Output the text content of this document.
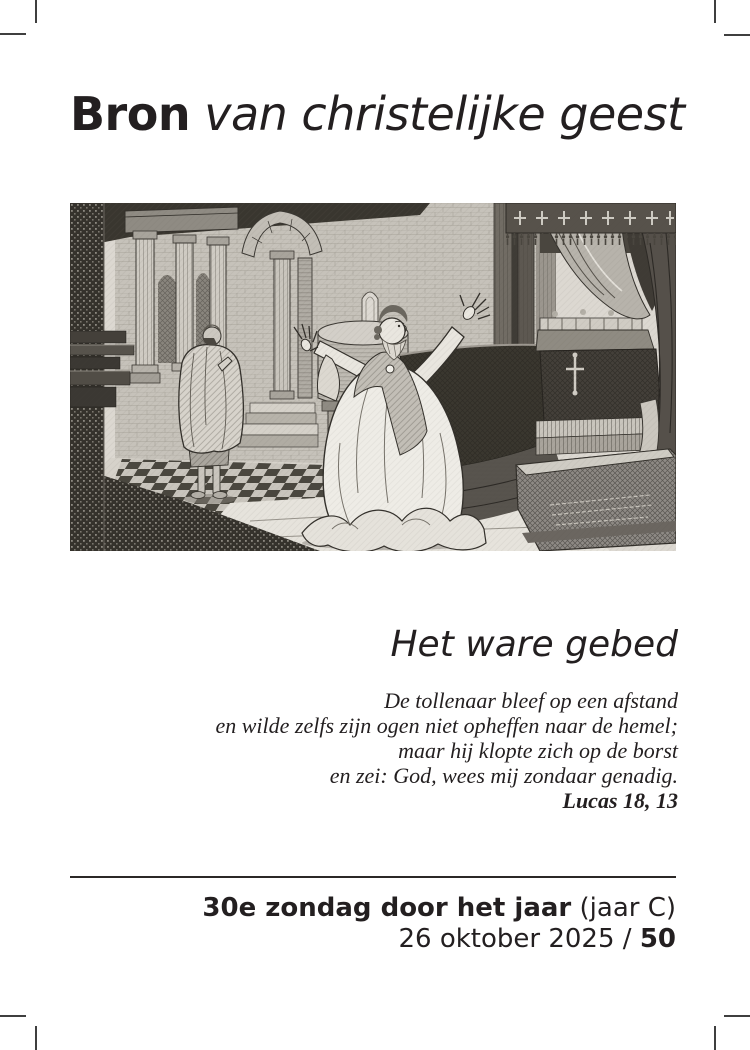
Bron van christelijke geest
Het ware gebed
De tollenaar bleef op een afstand
en wilde zelfs zijn ogen niet opheffen naar de hemel;
maar hij klopte zich op de borst
en zei: God, wees mij zondaar genadig.
Lucas 18, 13
30e zondag door het jaar (jaar C)
26 oktober 2025 / 50
